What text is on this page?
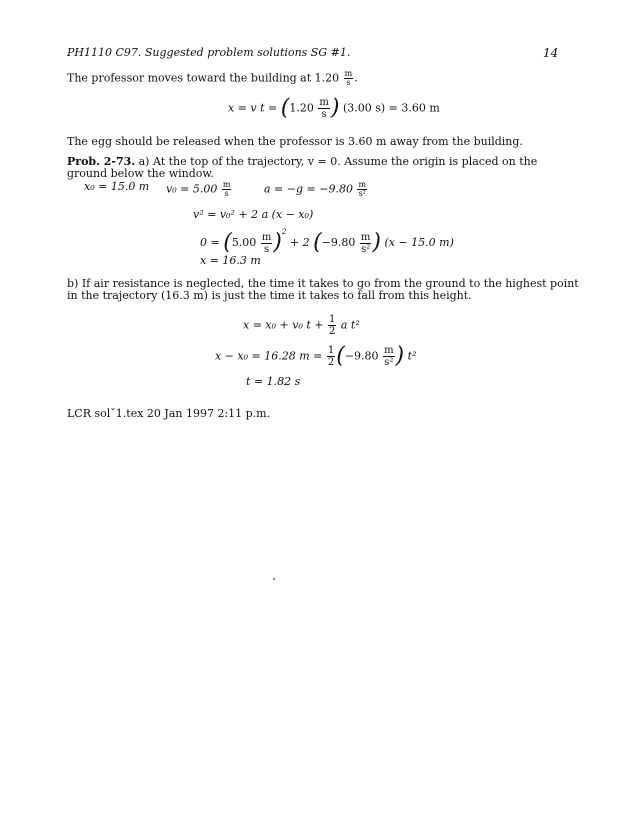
PH1110 C97. Suggested problem solutions SG #1.	14
The professor moves toward the building at $1.20 \frac{m}{s}$ .
x = v $t = (1.20 \frac{m}{s}$ ) (3.00 s) = 3.60 m
The egg should be released when the professor is 3.60 m away from the building.
Prob. 2-73. a) At the top of the trajectory, v = 0. Assume the origin is placed on the
ground below the window.
x₀ = 15.0 m $v_0 = 5.00 \frac{m}{s}$	$a = -g = -9.80 \frac{m}{\text{s²}}$
v² = v₀² + 2 a (x − x₀)
$0 = (5.00 \frac{m}{s} )^2 + 2$ ($-9.80 \frac{m}{\text{s²}}$ ) (x − 15.0 m)
x = 16.3 m
b) If air resistance is neglected, the time it takes to go from the ground to the highest point
in the trajectory (16.3 m) is just the time it takes to fall from this height.
x = x₀ + v₀ $t + \frac{1}{2}$ a t²
x − x₀ = 16.28 $m = \frac{1}{2} (-9.80 \frac{m}{\text{s²}}$ ) t²
t = 1.82 s
LCR solˇ1.tex 20 Jan 1997 2:11 p.m.
